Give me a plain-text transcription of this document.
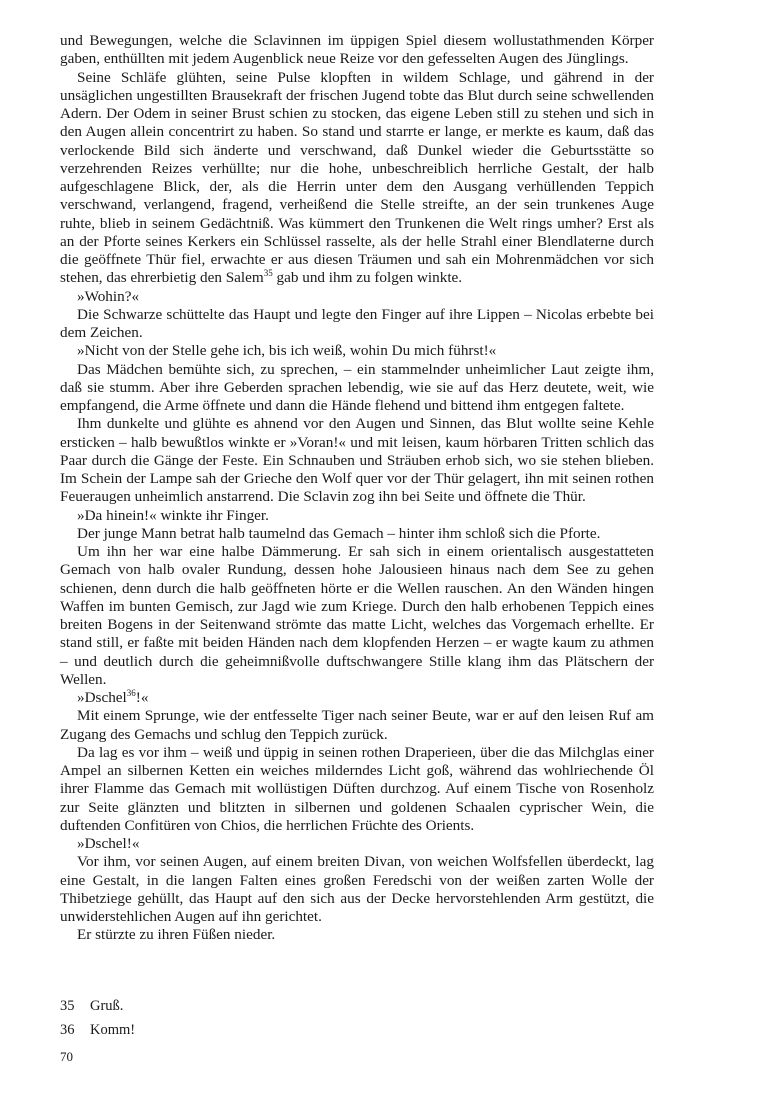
und Bewegungen, welche die Sclavinnen im üppigen Spiel diesem wollustathmenden Körper gaben, enthüllten mit jedem Augenblick neue Reize vor den gefesselten Augen des Jünglings.

Seine Schläfe glühten, seine Pulse klopften in wildem Schlage, und gährend in der unsäglichen ungestillten Brausekraft der frischen Jugend tobte das Blut durch seine schwellenden Adern. Der Odem in seiner Brust schien zu stocken, das eigene Leben still zu stehen und sich in den Augen allein concentrirt zu haben. So stand und starrte er lange, er merkte es kaum, daß das verlockende Bild sich änderte und verschwand, daß Dunkel wieder die Geburtsstätte so verzehrenden Reizes verhüllte; nur die hohe, unbeschreiblich herrliche Gestalt, der halb aufgeschlagene Blick, der, als die Herrin unter dem den Ausgang verhüllenden Teppich verschwand, verlangend, fragend, verheißend die Stelle streifte, an der sein trunkenes Auge ruhte, blieb in seinem Gedächtniß. Was kümmert den Trunkenen die Welt rings umher? Erst als an der Pforte seines Kerkers ein Schlüssel rasselte, als der helle Strahl einer Blendlaterne durch die geöffnete Thür fiel, erwachte er aus diesen Träumen und sah ein Mohrenmädchen vor sich stehen, das ehrerbietig den Salem$^{35}$ gab und ihm zu folgen winkte.

»Wohin?«

Die Schwarze schüttelte das Haupt und legte den Finger auf ihre Lippen – Nicolas erbebte bei dem Zeichen.

»Nicht von der Stelle gehe ich, bis ich weiß, wohin Du mich führst!«

Das Mädchen bemühte sich, zu sprechen, – ein stammelnder unheimlicher Laut zeigte ihm, daß sie stumm. Aber ihre Geberden sprachen lebendig, wie sie auf das Herz deutete, weit, wie empfangend, die Arme öffnete und dann die Hände flehend und bittend ihm entgegen faltete.

Ihm dunkelte und glühte es ahnend vor den Augen und Sinnen, das Blut wollte seine Kehle ersticken – halb bewußtlos winkte er »Voran!« und mit leisen, kaum hörbaren Tritten schlich das Paar durch die Gänge der Feste. Ein Schnauben und Sträuben erhob sich, wo sie stehen blieben. Im Schein der Lampe sah der Grieche den Wolf quer vor der Thür gelagert, ihn mit seinen rothen Feueraugen unheimlich anstarrend. Die Sclavin zog ihn bei Seite und öffnete die Thür.

»Da hinein!« winkte ihr Finger.

Der junge Mann betrat halb taumelnd das Gemach – hinter ihm schloß sich die Pforte.

Um ihn her war eine halbe Dämmerung. Er sah sich in einem orientalisch ausgestatteten Gemach von halb ovaler Rundung, dessen hohe Jalousieen hinaus nach dem See zu gehen schienen, denn durch die halb geöffneten hörte er die Wellen rauschen. An den Wänden hingen Waffen im bunten Gemisch, zur Jagd wie zum Kriege. Durch den halb erhobenen Teppich eines breiten Bogens in der Seitenwand strömte das matte Licht, welches das Vorgemach erhellte. Er stand still, er faßte mit beiden Händen nach dem klopfenden Herzen – er wagte kaum zu athmen – und deutlich durch die geheimnißvolle duftschwangere Stille klang ihm das Plätschern der Wellen.

»Dschel$^{36}$!«

Mit einem Sprunge, wie der entfesselte Tiger nach seiner Beute, war er auf den leisen Ruf am Zugang des Gemachs und schlug den Teppich zurück.

Da lag es vor ihm – weiß und üppig in seinen rothen Draperieen, über die das Milchglas einer Ampel an silbernen Ketten ein weiches milderndes Licht goß, während das wohlriechende Öl ihrer Flamme das Gemach mit wollüstigen Düften durchzog. Auf einem Tische von Rosenholz zur Seite glänzten und blitzten in silbernen und goldenen Schaalen cyprischer Wein, die duftenden Confitüren von Chios, die herrlichen Früchte des Orients.

»Dschel!«

Vor ihm, vor seinen Augen, auf einem breiten Divan, von weichen Wolfsfellen überdeckt, lag eine Gestalt, in die langen Falten eines großen Feredschi von der weißen zarten Wolle der Thibetziege gehüllt, das Haupt auf den sich aus der Decke hervorstehlenden Arm gestützt, die unwiderstehlichen Augen auf ihn gerichtet.

Er stürzte zu ihren Füßen nieder.

35	Gruß.
36	Komm!
70
